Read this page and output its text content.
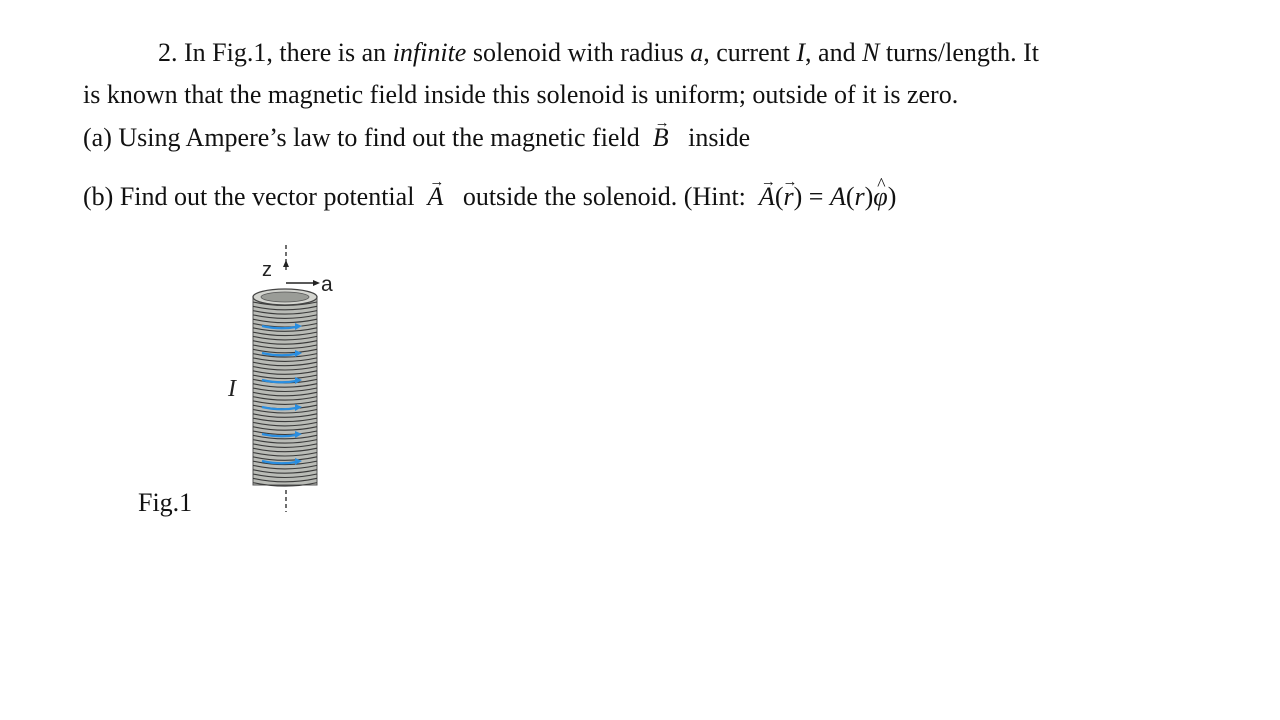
2. In Fig.1, there is an infinite solenoid with radius a, current I, and N turns/length. It
is known that the magnetic field inside this solenoid is uniform; outside of it is zero.
(a) Using Ampere’s law to find out the magnetic field  → B inside
(b) Find out the vector potential  → A outside the solenoid. (Hint:  → A(→ r) = A(r)^ φ)
Fig.1
z
a
I
